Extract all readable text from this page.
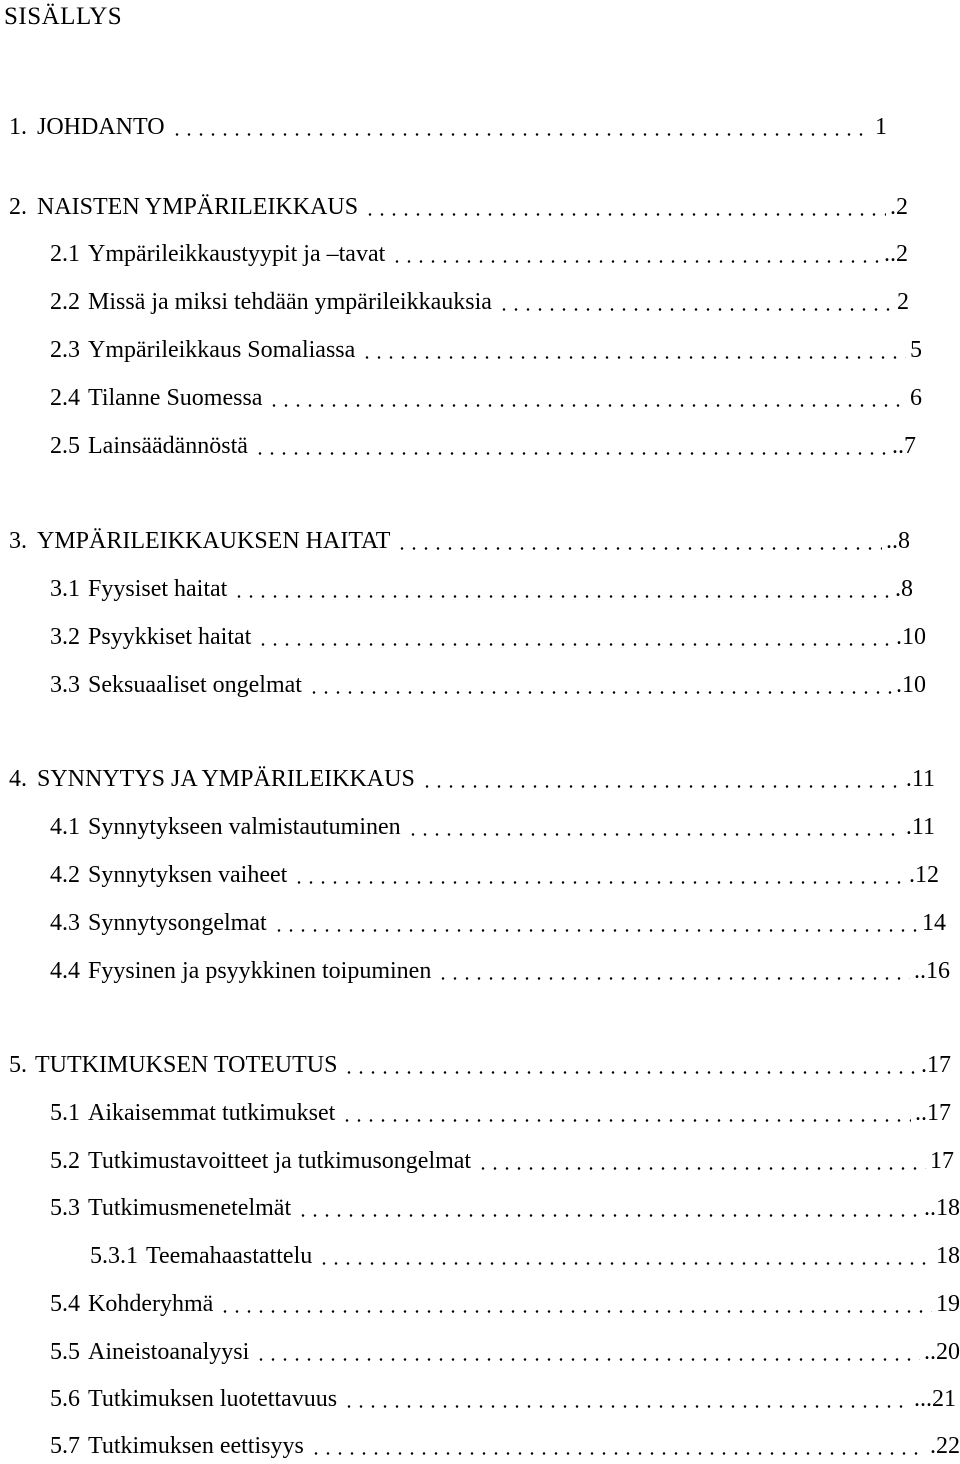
SISÄLLYS
1. JOHDANTO	1
2. NAISTEN YMPÄRILEIKKAUS	.2
2.1 Ympärileikkaustyypit ja –tavat	..2
2.2 Missä ja miksi tehdään ympärileikkauksia	2
2.3 Ympärileikkaus Somaliassa	5
2.4 Tilanne Suomessa	6
2.5 Lainsäädännöstä	..7
3. YMPÄRILEIKKAUKSEN HAITAT	..8
3.1 Fyysiset haitat	.8
3.2 Psyykkiset haitat	.10
3.3 Seksuaaliset ongelmat	.10
4. SYNNYTYS JA YMPÄRILEIKKAUS	.11
4.1 Synnytykseen valmistautuminen	.11
4.2 Synnytyksen vaiheet	.12
4.3 Synnytysongelmat	14
4.4 Fyysinen ja psyykkinen toipuminen	..16
5. TUTKIMUKSEN TOTEUTUS	.17
5.1 Aikaisemmat tutkimukset	..17
5.2 Tutkimustavoitteet ja tutkimusongelmat	17
5.3 Tutkimusmenetelmät	..18
5.3.1 Teemahaastattelu	18
5.4 Kohderyhmä	19
5.5 Aineistoanalyysi	..20
5.6 Tutkimuksen luotettavuus	...21
5.7 Tutkimuksen eettisyys	.22
